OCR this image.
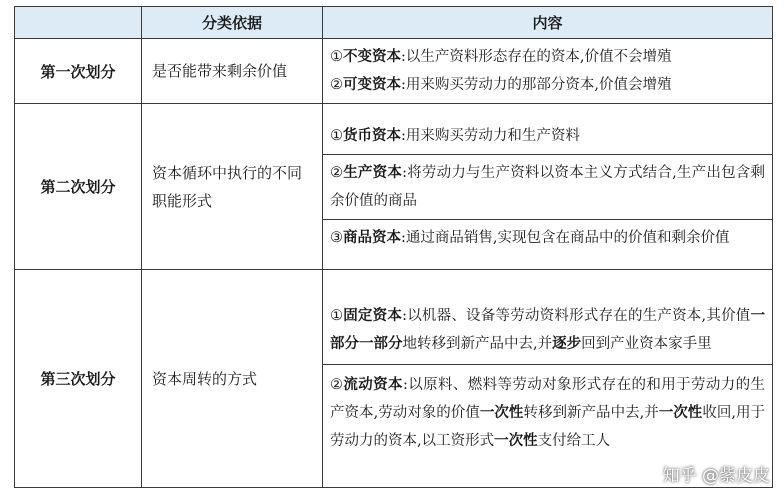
	分类依据	内容
第一次划分	是否能带来剩余价值	①不变资本:以生产资料形态存在的资本,价值不会增殖
②可变资本:用来购买劳动力的那部分资本,价值会增殖

第二次划分	资本循环中执行的不同职能形式	①货币资本:用来购买劳动力和生产资料
②生产资本:将劳动力与生产资料以资本主义方式结合,生产出包含剩余价值的商品
③商品资本:通过商品销售,实现包含在商品中的价值和剩余价值

第三次划分	资本周转的方式	①固定资本:以机器、设备等劳动资料形式存在的生产资本,其价值一部分一部分地转移到新产品中去,并逐步回到产业资本家手里
②流动资本:以原料、燃料等劳动对象形式存在的和用于劳动力的生产资本,劳动对象的价值一次性转移到新产品中去,并一次性收回,用于劳动力的资本,以工资形式一次性支付给工人
知乎 @紫皮皮
